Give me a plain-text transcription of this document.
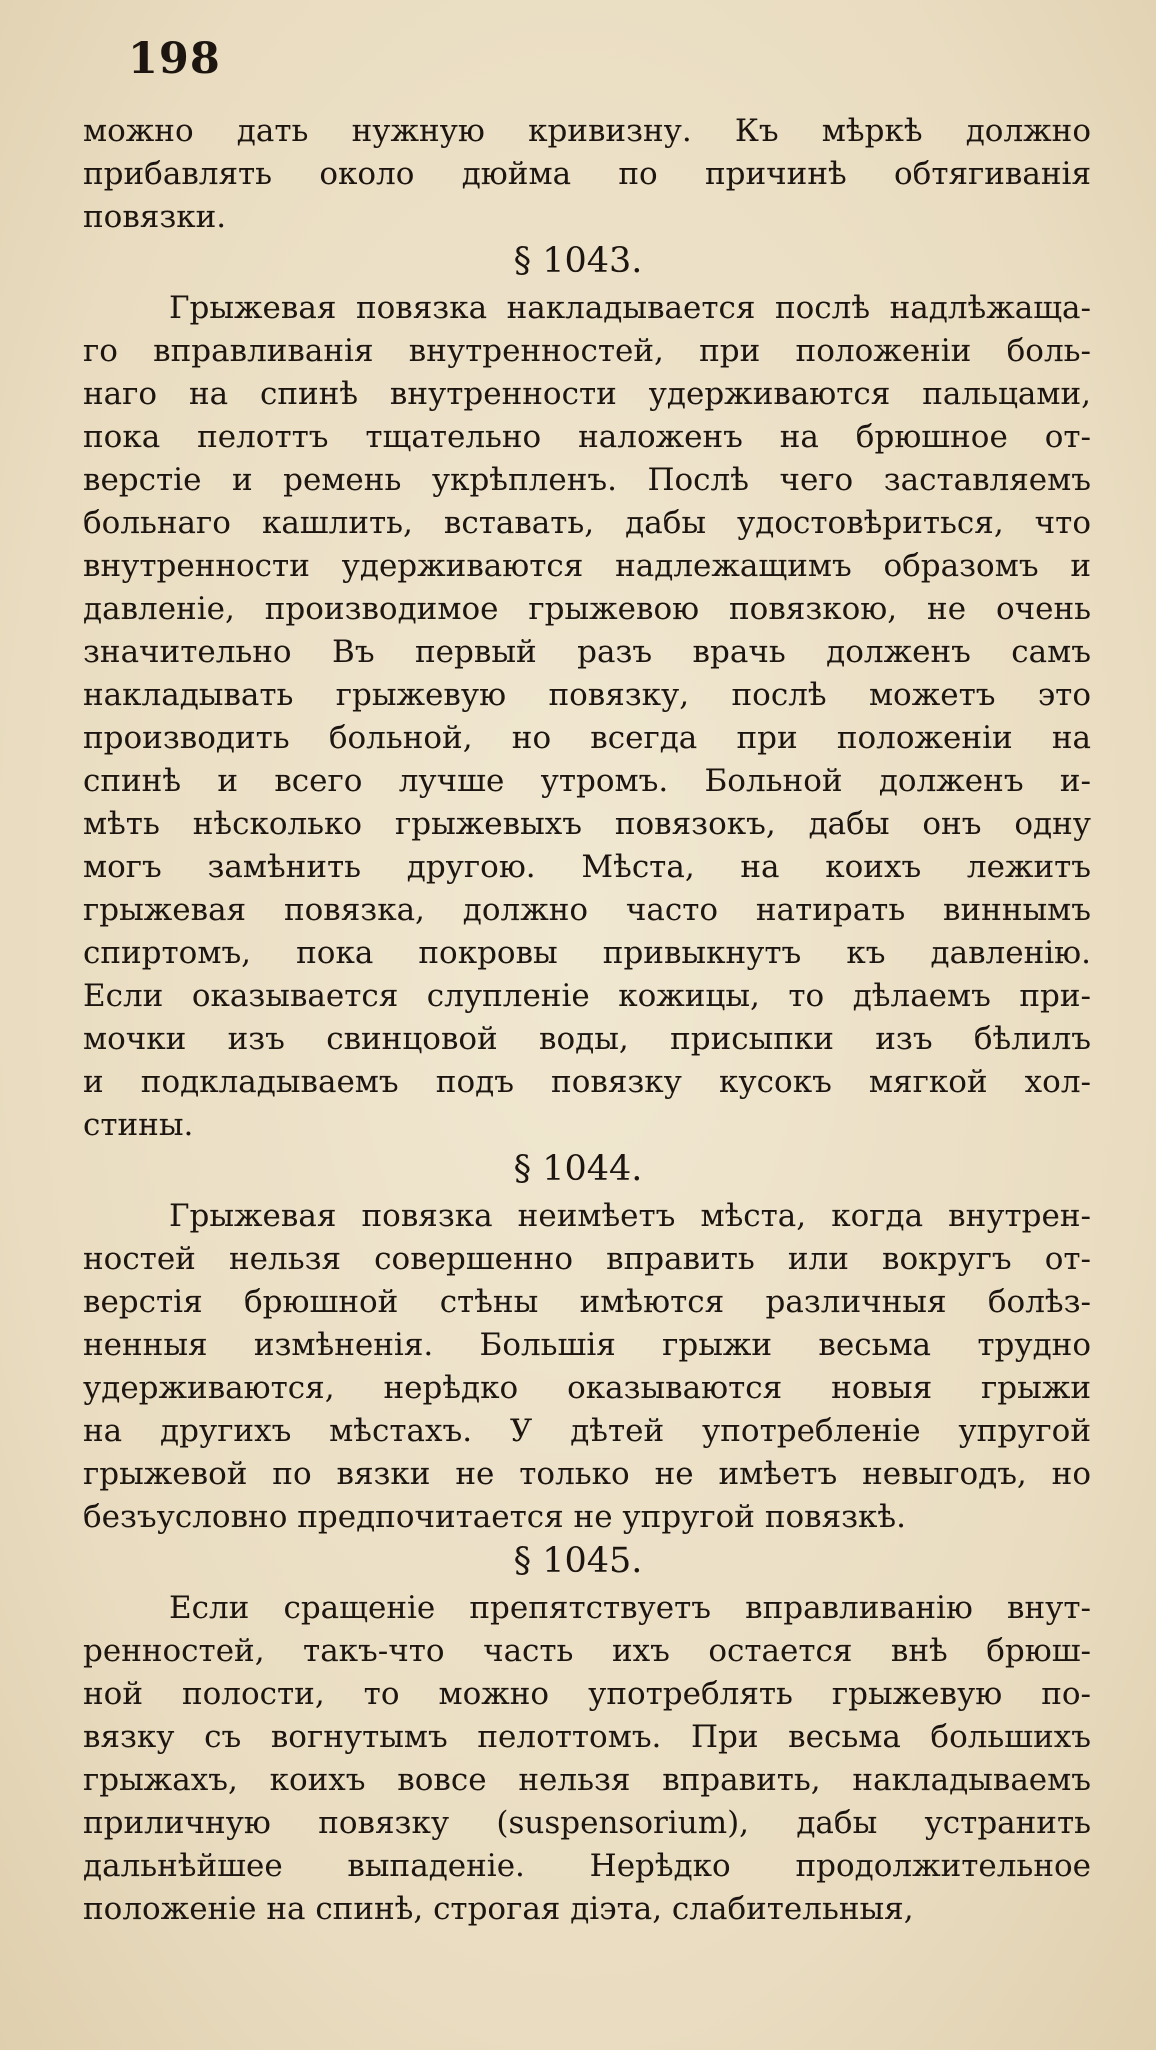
198
можно дать нужную кривизну. Къ мѣркѣ должно
прибавлять около дюйма по причинѣ обтягиванія
повязки.
§ 1043.
Грыжевая повязка накладывается послѣ надлѣжаща-
го вправливанія внутренностей, при положеніи боль-
наго на спинѣ внутренности удерживаются пальцами,
пока пелоттъ тщательно наложенъ на брюшное от-
верстіе и ремень укрѣпленъ. Послѣ чего заставляемъ
больнаго кашлить, вставать, дабы удостовѣриться, что
внутренности удерживаются надлежащимъ образомъ и
давленіе, производимое грыжевою повязкою, не очень
значительно Въ первый разъ врачь долженъ самъ
накладывать грыжевую повязку, послѣ можетъ это
производить больной, но всегда при положеніи на
спинѣ и всего лучше утромъ. Больной долженъ и-
мѣть нѣсколько грыжевыхъ повязокъ, дабы онъ одну
могъ замѣнить другою. Мѣста, на коихъ лежитъ
грыжевая повязка, должно часто натирать виннымъ
спиртомъ, пока покровы привыкнутъ къ давленію.
Если оказывается слупленіе кожицы, то дѣлаемъ при-
мочки изъ свинцовой воды, присыпки изъ бѣлилъ
и подкладываемъ подъ повязку кусокъ мягкой хол-
стины.
§ 1044.
Грыжевая повязка неимѣетъ мѣста, когда внутрен-
ностей нельзя совершенно вправить или вокругъ от-
верстія брюшной стѣны имѣются различныя болѣз-
ненныя измѣненія. Большія грыжи весьма трудно
удерживаются, нерѣдко оказываются новыя грыжи
на другихъ мѣстахъ. У дѣтей употребленіе упругой
грыжевой по вязки не только не имѣетъ невыгодъ, но
безъусловно предпочитается не упругой повязкѣ.
§ 1045.
Если сращеніе препятствуетъ вправливанію внут-
ренностей, такъ-что часть ихъ остается внѣ брюш-
ной полости, то можно употреблять грыжевую по-
вязку съ вогнутымъ пелоттомъ. При весьма большихъ
грыжахъ, коихъ вовсе нельзя вправить, накладываемъ
приличную повязку (suspensorium), дабы устранить
дальнѣйшее выпаденіе. Нерѣдко продолжительное
положеніе на спинѣ, строгая діэта, слабительныя,
